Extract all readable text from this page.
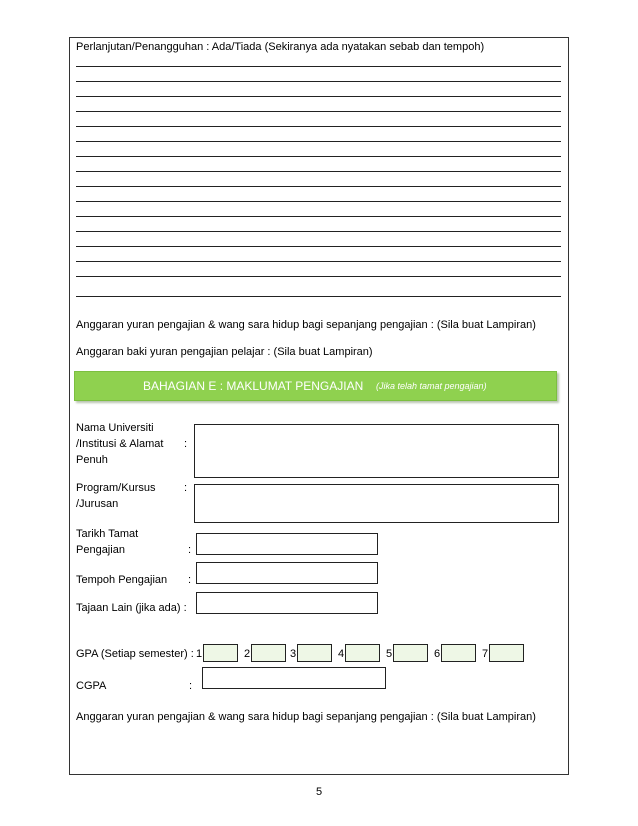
Perlanjutan/Penangguhan : Ada/Tiada (Sekiranya ada nyatakan sebab dan tempoh)
Anggaran yuran pengajian & wang sara hidup bagi sepanjang pengajian : (Sila buat Lampiran)
Anggaran baki yuran pengajian pelajar : (Sila buat Lampiran)
BAHAGIAN E : MAKLUMAT PENGAJIAN (Jika telah tamat pengajian)
Nama Universiti
/Institusi & Alamat
Penuh
:
Program/Kursus
/Jurusan
:
Tarikh Tamat
Pengajian	:
Tempoh Pengajian :
Tajaan Lain (jika ada) :
GPA (Setiap semester) : 1	2	3	4	5	6	7
CGPA	:
Anggaran yuran pengajian & wang sara hidup bagi sepanjang pengajian : (Sila buat Lampiran)
5
